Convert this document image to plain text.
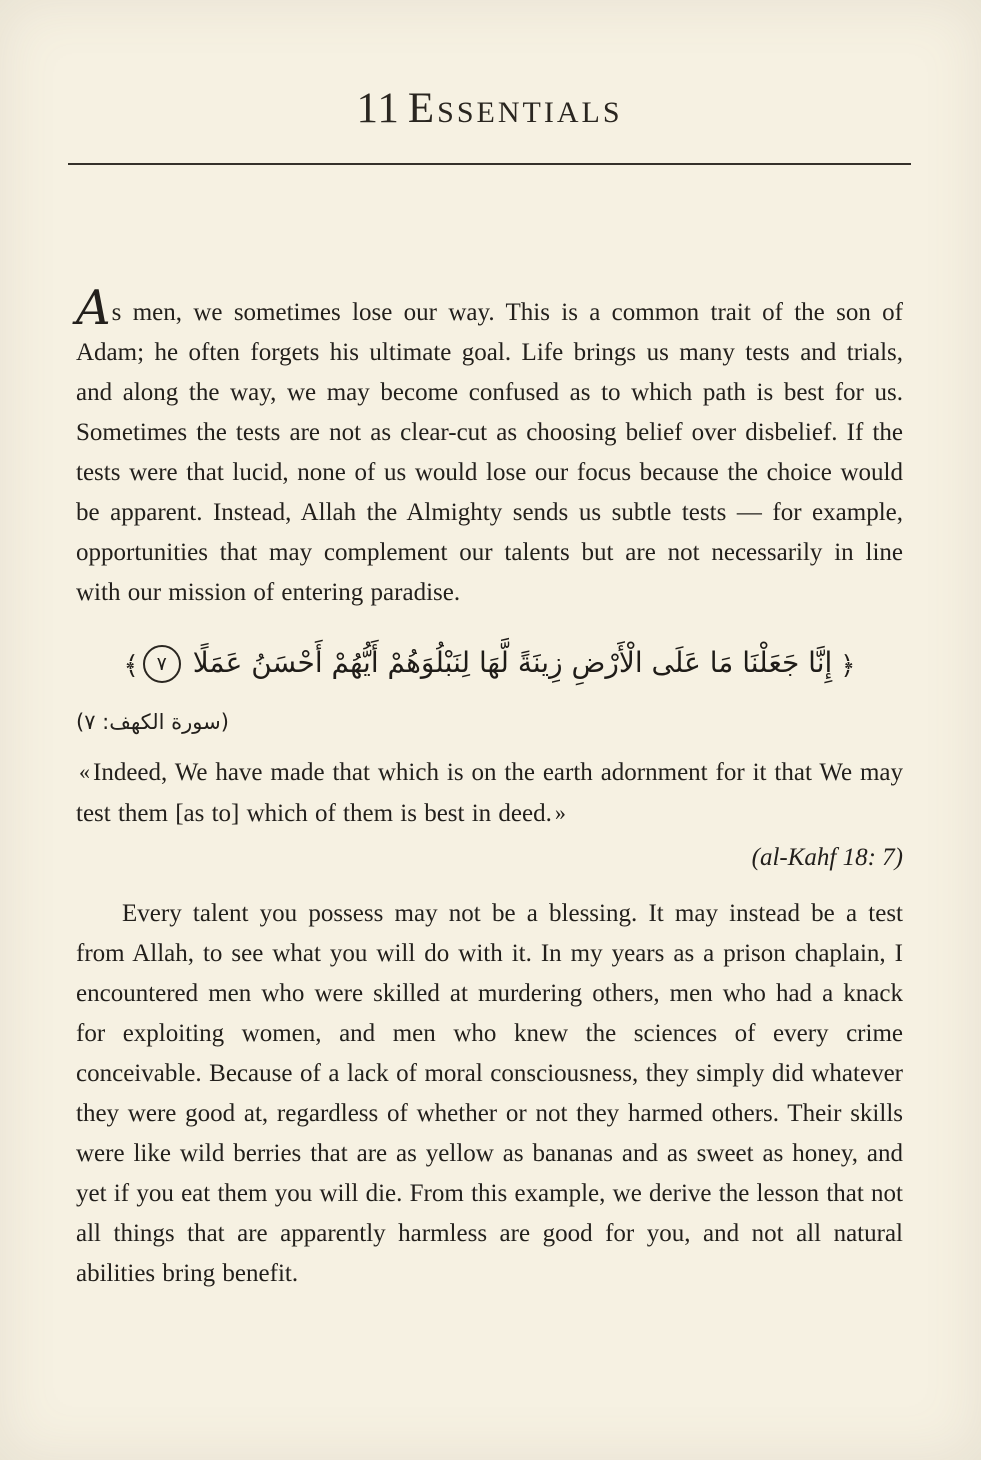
11 Essentials

As men, we sometimes lose our way. This is a common trait of the son of Adam; he often forgets his ultimate goal. Life brings us many tests and trials, and along the way, we may become confused as to which path is best for us. Sometimes the tests are not as clear-cut as choosing belief over disbelief. If the tests were that lucid, none of us would lose our focus because the choice would be apparent. Instead, Allah the Almighty sends us subtle tests — for example, opportunities that may complement our talents but are not necessarily in line with our mission of entering paradise.

﴿إِنَّا جَعَلْنَا مَا عَلَى الْأَرْضِ زِينَةً لَّهَا لِنَبْلُوَهُمْ أَيُّهُمْ أَحْسَنُ عَمَلًا٧﴾
(سورة الكهف: ٧)

« Indeed, We have made that which is on the earth adornment for it that We may test them [as to] which of them is best in deed. »

(al-Kahf 18: 7)

Every talent you possess may not be a blessing. It may instead be a test from Allah, to see what you will do with it. In my years as a prison chaplain, I encountered men who were skilled at murdering others, men who had a knack for exploiting women, and men who knew the sciences of every crime conceivable. Because of a lack of moral consciousness, they simply did whatever they were good at, regardless of whether or not they harmed others. Their skills were like wild berries that are as yellow as bananas and as sweet as honey, and yet if you eat them you will die. From this example, we derive the lesson that not all things that are apparently harmless are good for you, and not all natural abilities bring benefit.
